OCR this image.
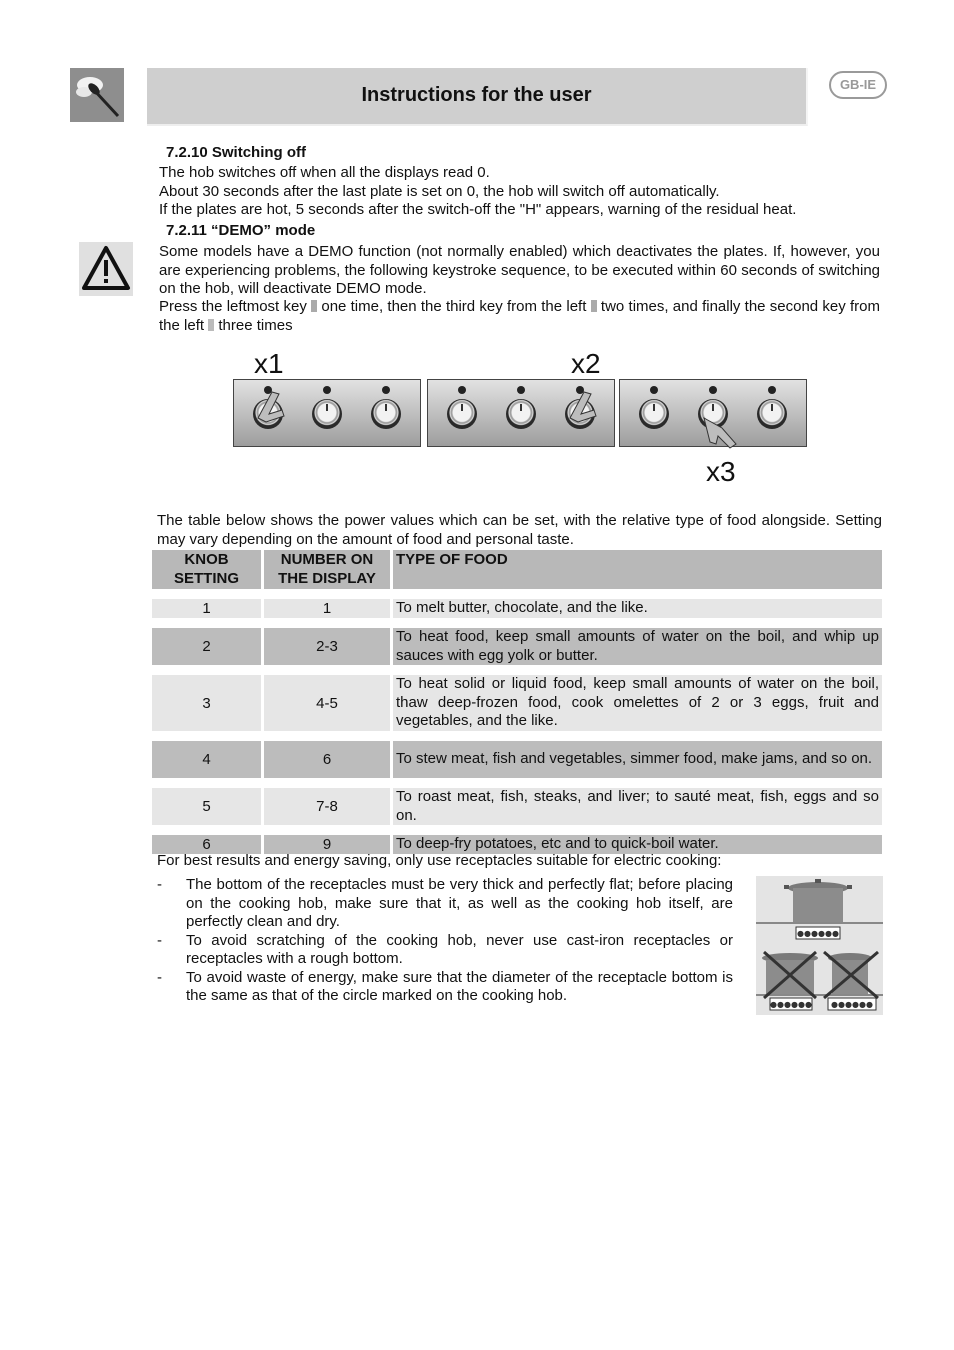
Instructions for the user	GB-IE
7.2.10 Switching off
The hob switches off when all the displays read 0.
About 30 seconds after the last plate is set on 0, the hob will switch off automatically.
If the plates are hot, 5 seconds after the switch-off the "H" appears, warning of the residual heat.
7.2.11 “DEMO” mode
Some models have a DEMO function (not normally enabled) which deactivates the plates. If, however, you are experiencing problems, the following keystroke sequence, to be executed within 60 seconds of switching on the hob, will deactivate DEMO mode.
Press the leftmost key one time, then the third key from the left two times, and finally the second key from the left three times
x1	x2
x3
The table below shows the power values which can be set, with the relative type of food alongside. Setting may vary depending on the amount of food and personal taste.
KNOB SETTING	NUMBER ON THE DISPLAY	TYPE OF FOOD

1	1	To melt butter, chocolate, and the like.

2	2-3	To heat food, keep small amounts of water on the boil, and whip up sauces with egg yolk or butter.

3	4-5	To heat solid or liquid food, keep small amounts of water on the boil, thaw deep-frozen food, cook omelettes of 2 or 3 eggs, fruit and vegetables, and the like.

4	6	To stew meat, fish and vegetables, simmer food, make jams, and so on.

5	7-8	To roast meat, fish, steaks, and liver; to sauté meat, fish, eggs and so on.

6	9	To deep-fry potatoes, etc and to quick-boil water.
For best results and energy saving, only use receptacles suitable for electric cooking:
- The bottom of the receptacles must be very thick and perfectly flat; before placing on the cooking hob, make sure that it, as well as the cooking hob itself, are perfectly clean and dry.
- To avoid scratching of the cooking hob, never use cast-iron receptacles or receptacles with a rough bottom.
- To avoid waste of energy, make sure that the diameter of the receptacle bottom is the same as that of the circle marked on the cooking hob.
●●●●●●
●●●●●● ●●●●●●
